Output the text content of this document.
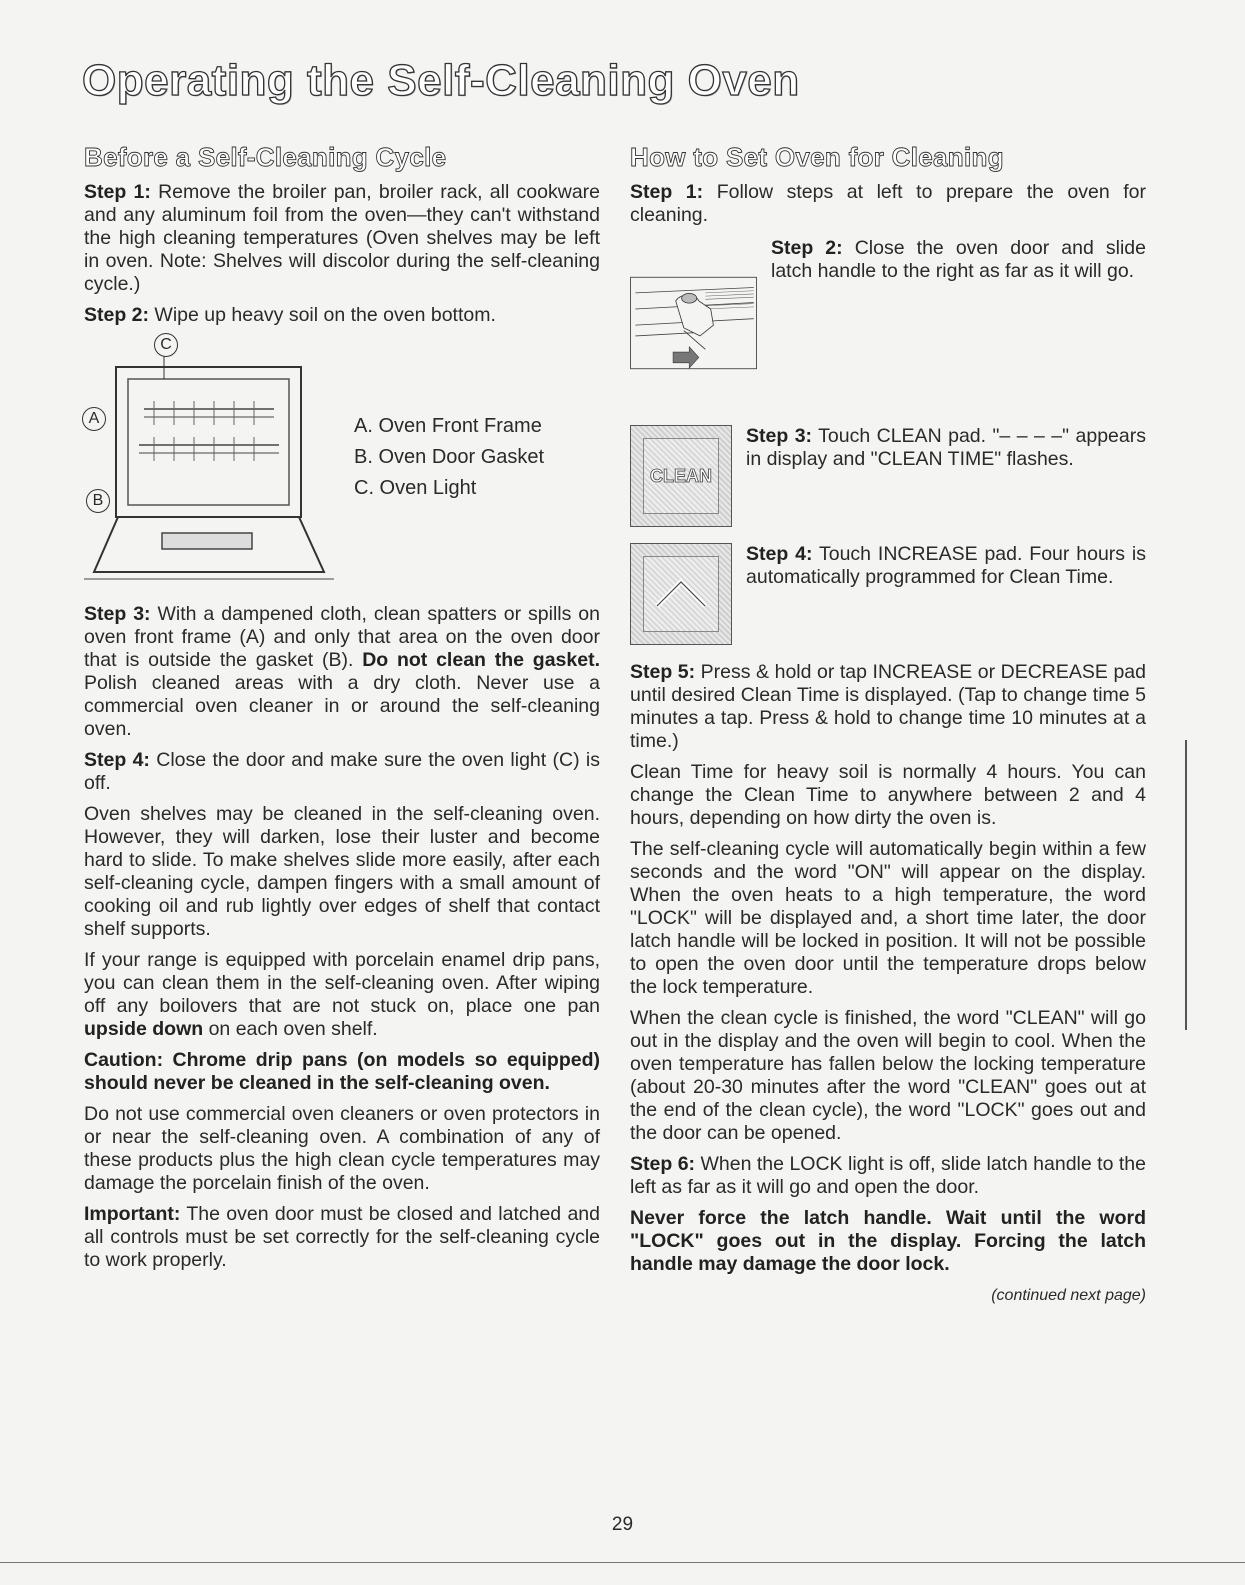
Operating the Self-Cleaning Oven
Before a Self-Cleaning Cycle

Step 1: Remove the broiler pan, broiler rack, all cookware and any aluminum foil from the oven—they can't withstand the high cleaning temperatures (Oven shelves may be left in oven. Note: Shelves will discolor during the self-cleaning cycle.)

Step 2: Wipe up heavy soil on the oven bottom.

C
A
B
A. Oven Front Frame
B. Oven Door Gasket
C. Oven Light

Step 3: With a dampened cloth, clean spatters or spills on oven front frame (A) and only that area on the oven door that is outside the gasket (B). Do not clean the gasket. Polish cleaned areas with a dry cloth. Never use a commercial oven cleaner in or around the self-cleaning oven.

Step 4: Close the door and make sure the oven light (C) is off.

Oven shelves may be cleaned in the self-cleaning oven. However, they will darken, lose their luster and become hard to slide. To make shelves slide more easily, after each self-cleaning cycle, dampen fingers with a small amount of cooking oil and rub lightly over edges of shelf that contact shelf supports.

If your range is equipped with porcelain enamel drip pans, you can clean them in the self-cleaning oven. After wiping off any boilovers that are not stuck on, place one pan upside down on each oven shelf.

Caution: Chrome drip pans (on models so equipped) should never be cleaned in the self-cleaning oven.

Do not use commercial oven cleaners or oven protectors in or near the self-cleaning oven. A combination of any of these products plus the high clean cycle temperatures may damage the porcelain finish of the oven.

Important: The oven door must be closed and latched and all controls must be set correctly for the self-cleaning cycle to work properly.

How to Set Oven for Cleaning

Step 1: Follow steps at left to prepare the oven for cleaning.

Step 2: Close the oven door and slide latch handle to the right as far as it will go.

CLEAN

Step 3: Touch CLEAN pad. "– – – –" appears in display and "CLEAN TIME" flashes.

Step 4: Touch INCREASE pad. Four hours is automatically programmed for Clean Time.

Step 5: Press & hold or tap INCREASE or DECREASE pad until desired Clean Time is displayed. (Tap to change time 5 minutes a tap. Press & hold to change time 10 minutes at a time.)

Clean Time for heavy soil is normally 4 hours. You can change the Clean Time to anywhere between 2 and 4 hours, depending on how dirty the oven is.

The self-cleaning cycle will automatically begin within a few seconds and the word "ON" will appear on the display. When the oven heats to a high temperature, the word "LOCK" will be displayed and, a short time later, the door latch handle will be locked in position. It will not be possible to open the oven door until the temperature drops below the lock temperature.

When the clean cycle is finished, the word "CLEAN" will go out in the display and the oven will begin to cool. When the oven temperature has fallen below the locking temperature (about 20-30 minutes after the word "CLEAN" goes out at the end of the clean cycle), the word "LOCK" goes out and the door can be opened.

Step 6: When the LOCK light is off, slide latch handle to the left as far as it will go and open the door.

Never force the latch handle. Wait until the word "LOCK" goes out in the display. Forcing the latch handle may damage the door lock.

(continued next page)
29
